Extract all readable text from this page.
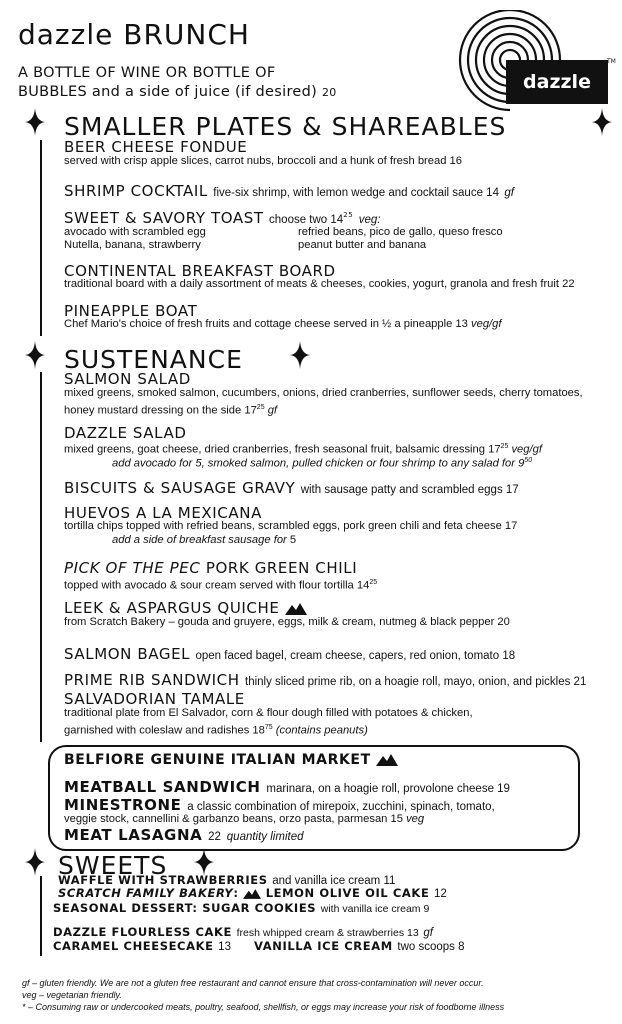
dazzle BRUNCH
A BOTTLE OF WINE OR BOTTLE OF
BUBBLES and a side of juice (if desired) 20	dazzle
TM
SMALLER PLATES & SHAREABLES
BEER CHEESE FONDUE
served with crisp apple slices, carrot nubs, broccoli and a hunk of fresh bread 16
SHRIMP COCKTAIL five-six shrimp, with lemon wedge and cocktail sauce 14 gf
SWEET & SAVORY TOAST choose two $14^{25}$ veg:
avocado with scrambled egg	refried beans, pico de gallo, queso fresco
Nutella, banana, strawberry	peanut butter and banana
CONTINENTAL BREAKFAST BOARD
traditional board with a daily assortment of meats & cheeses, cookies, yogurt, granola and fresh fruit 22
PINEAPPLE BOAT
Chef Mario's choice of fresh fruits and cottage cheese served in ½ a pineapple 13 veg/gf
SUSTENANCE
SALMON SALAD
mixed greens, smoked salmon, cucumbers, onions, dried cranberries, sunflower seeds, cherry tomatoes,
honey mustard dressing on the side $17^{25}$ gf
DAZZLE SALAD
mixed greens, goat cheese, dried cranberries, fresh seasonal fruit, balsamic dressing $17^{25}$ veg/gf
add avocado for 5, smoked salmon, pulled chicken or four shrimp to any salad for $9^{50}$
BISCUITS & SAUSAGE GRAVY with sausage patty and scrambled eggs 17
HUEVOS A LA MEXICANA
tortilla chips topped with refried beans, scrambled eggs, pork green chili and feta cheese 17
add a side of breakfast sausage for 5
PICK OF THE PEC PORK GREEN CHILI
topped with avocado & sour cream served with flour tortilla $14^{25}$
LEEK & ASPARGUS QUICHE
from Scratch Bakery – gouda and gruyere, eggs, milk & cream, nutmeg & black pepper 20
SALMON BAGEL open faced bagel, cream cheese, capers, red onion, tomato 18
PRIME RIB SANDWICH thinly sliced prime rib, on a hoagie roll, mayo, onion, and pickles 21
SALVADORIAN TAMALE
traditional plate from El Salvador, corn & flour dough filled with potatoes & chicken,
garnished with coleslaw and radishes $18^{75}$ (contains peanuts)
BELFIORE GENUINE ITALIAN MARKET
MEATBALL SANDWICH marinara, on a hoagie roll, provolone cheese 19
MINESTRONE a classic combination of mirepoix, zucchini, spinach, tomato,
veggie stock, cannellini & garbanzo beans, orzo pasta, parmesan 15 veg
MEAT LASAGNA 22 quantity limited
SWEETS
WAFFLE WITH STRAWBERRIES and vanilla ice cream 11
SCRATCH FAMILY BAKERY: LEMON OLIVE OIL CAKE 12
SEASONAL DESSERT: SUGAR COOKIES with vanilla ice cream 9
DAZZLE FLOURLESS CAKE fresh whipped cream & strawberries 13 gf
CARAMEL CHEESECAKE 13 VANILLA ICE CREAM two scoops 8
gf – gluten friendly. We are not a gluten free restaurant and cannot ensure that cross-contamination will never occur.
veg – vegetarian friendly.
* – Consuming raw or undercooked meats, poultry, seafood, shellfish, or eggs may increase your risk of foodborne illness
